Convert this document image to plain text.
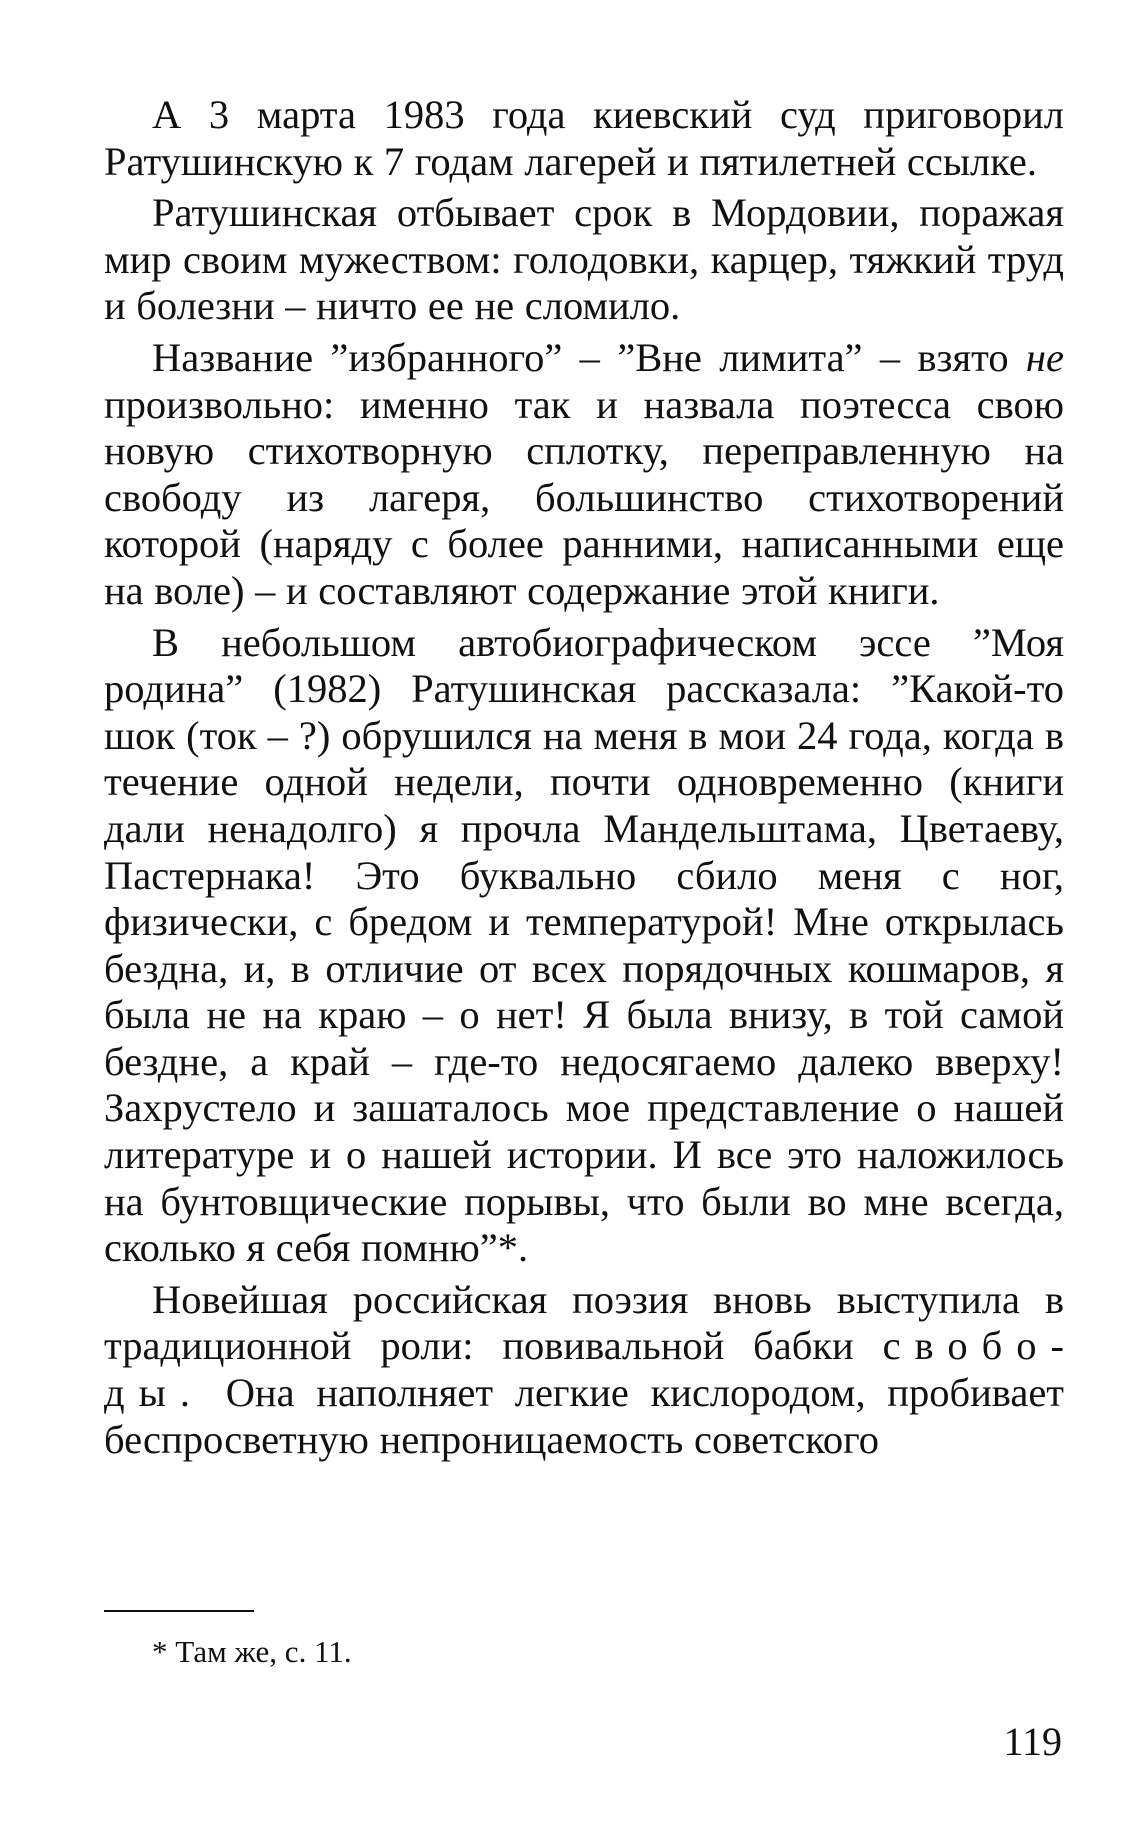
А 3 марта 1983 года киевский суд приговорил Ратушинскую к 7 годам лагерей и пятилетней ссылке.

Ратушинская отбывает срок в Мордовии, поражая мир своим мужеством: голодовки, карцер, тяжкий труд и болезни – ничто ее не сломило.

Название ”избранного” – ”Вне лимита” – взято не произвольно: именно так и назвала поэтесса свою новую стихотворную сплотку, переправленную на свободу из лагеря, большинство стихотворений которой (наряду с более ранними, написанными еще на воле) – и составляют содержание этой книги.

В небольшом автобиографическом эссе ”Моя родина” (1982) Ратушинская рассказала: ”Какой-то шок (ток – ?) обрушился на меня в мои 24 года, когда в течение одной недели, почти одновременно (книги дали ненадолго) я прочла Мандельштама, Цветаеву, Пастернака! Это буквально сбило меня с ног, физически, с бредом и температурой! Мне открылась бездна, и, в отличие от всех порядочных кошмаров, я была не на краю – о нет! Я была внизу, в той самой бездне, а край – где-то недосягаемо далеко вверху! Захрустело и зашаталось мое представление о нашей литературе и о нашей истории. И все это наложилось на бунтовщические порывы, что были во мне всегда, сколько я себя помню”*.

Новейшая российская поэзия вновь выступила в традиционной роли: повивальной бабки свободы. Она наполняет легкие кислородом, пробивает беспросветную непроницаемость советского

* Там же, с. 11.
119
